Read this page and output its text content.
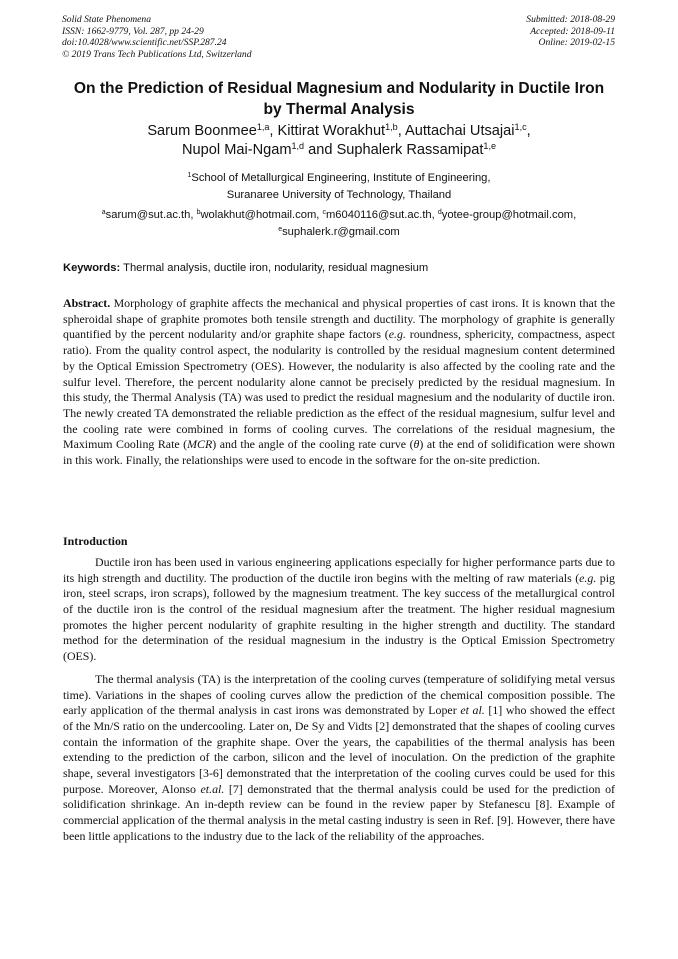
Solid State Phenomena
ISSN: 1662-9779, Vol. 287, pp 24-29
doi:10.4028/www.scientific.net/SSP.287.24
© 2019 Trans Tech Publications Ltd, Switzerland
Submitted: 2018-08-29
Accepted: 2018-09-11
Online: 2019-02-15
On the Prediction of Residual Magnesium and Nodularity in Ductile Iron
by Thermal Analysis
Sarum Boonmee$^{1,a}$, Kittirat Worakhut$^{1,b}$, Auttachai Utsajai$^{1,c}$,
Nupol Mai-Ngam$^{1,d}$ and Suphalerk Rassamipat$^{1,e}$
$^1$School of Metallurgical Engineering, Institute of Engineering,
Suranaree University of Technology, Thailand
$^a$sarum@sut.ac.th, $^b$wolakhut@hotmail.com, $^c$m6040116@sut.ac.th, $^d$yotee-group@hotmail.com,
$^e$suphalerk.r@gmail.com
Keywords: Thermal analysis, ductile iron, nodularity, residual magnesium

Abstract. Morphology of graphite affects the mechanical and physical properties of cast irons. It is known that the spheroidal shape of graphite promotes both tensile strength and ductility. The morphology of graphite is generally quantified by the percent nodularity and/or graphite shape factors (e.g. roundness, sphericity, compactness, aspect ratio). From the quality control aspect, the nodularity is controlled by the residual magnesium content determined by the Optical Emission Spectrometry (OES). However, the nodularity is also affected by the cooling rate and the sulfur level. Therefore, the percent nodularity alone cannot be precisely predicted by the residual magnesium. In this study, the Thermal Analysis (TA) was used to predict the residual magnesium and the nodularity of ductile iron. The newly created TA demonstrated the reliable prediction as the effect of the residual magnesium, sulfur level and the cooling rate were combined in forms of cooling curves. The correlations of the residual magnesium, the Maximum Cooling Rate (MCR) and the angle of the cooling rate curve (θ) at the end of solidification were shown in this work. Finally, the relationships were used to encode in the software for the on-site prediction.

Introduction

Ductile iron has been used in various engineering applications especially for higher performance parts due to its high strength and ductility. The production of the ductile iron begins with the melting of raw materials (e.g. pig iron, steel scraps, iron scraps), followed by the magnesium treatment. The key success of the metallurgical control of the ductile iron is the control of the residual magnesium after the treatment. The higher residual magnesium promotes the higher percent nodularity of graphite resulting in the higher strength and ductility. The standard method for the determination of the residual magnesium in the industry is the Optical Emission Spectrometry (OES).

The thermal analysis (TA) is the interpretation of the cooling curves (temperature of solidifying metal versus time). Variations in the shapes of cooling curves allow the prediction of the chemical composition possible. The early application of the thermal analysis in cast irons was demonstrated by Loper et al. [1] who showed the effect of the Mn/S ratio on the undercooling. Later on, De Sy and Vidts [2] demonstrated that the shapes of cooling curves contain the information of the graphite shape. Over the years, the capabilities of the thermal analysis has been extending to the prediction of the carbon, silicon and the level of inoculation. On the prediction of the graphite shape, several investigators [3-6] demonstrated that the interpretation of the cooling curves could be used for this purpose. Moreover, Alonso et.al. [7] demonstrated that the thermal analysis could be used for the prediction of solidification shrinkage. An in-depth review can be found in the review paper by Stefanescu [8]. Example of commercial application of the thermal analysis in the metal casting industry is seen in Ref. [9]. However, there have been little applications to the industry due to the lack of the reliability of the approaches.
